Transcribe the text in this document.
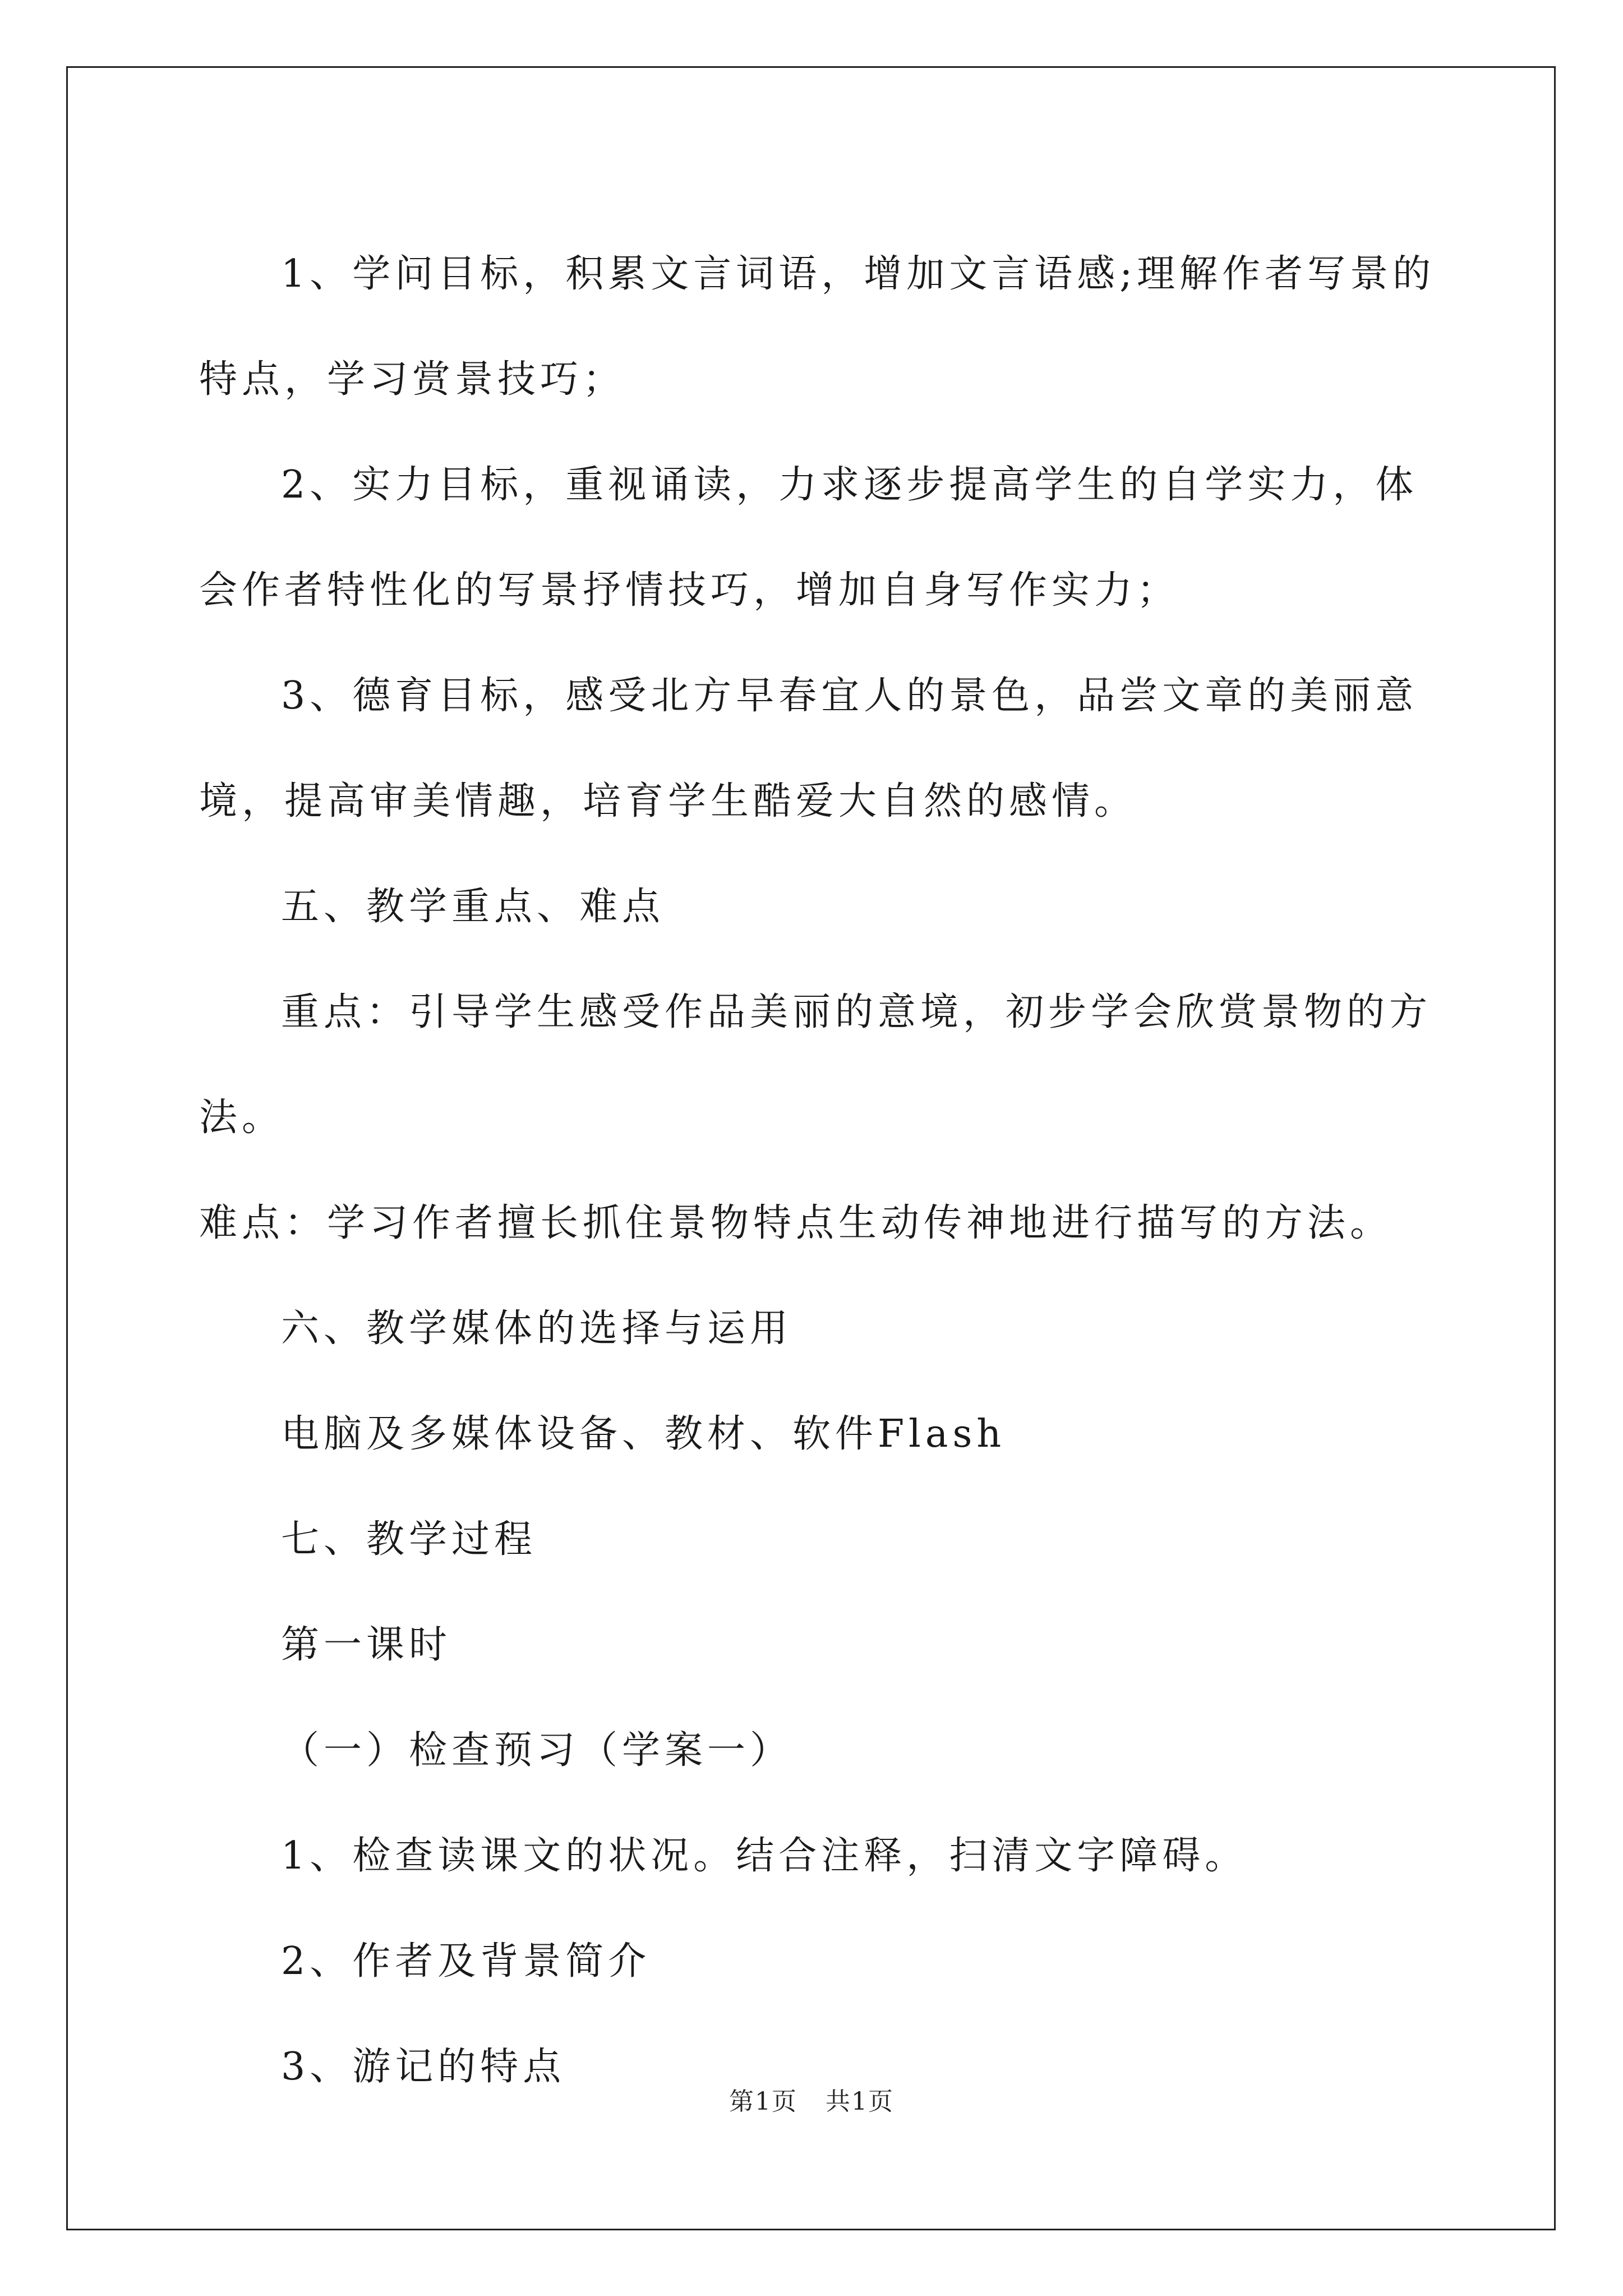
1、学问目标，积累文言词语，增加文言语感;理解作者写景的特点，学习赏景技巧；

2、实力目标，重视诵读，力求逐步提高学生的自学实力，体会作者特性化的写景抒情技巧，增加自身写作实力；

3、德育目标，感受北方早春宜人的景色，品尝文章的美丽意境，提高审美情趣，培育学生酷爱大自然的感情。

五、教学重点、难点

重点：引导学生感受作品美丽的意境，初步学会欣赏景物的方法。

难点：学习作者擅长抓住景物特点生动传神地进行描写的方法。

六、教学媒体的选择与运用

电脑及多媒体设备、教材、软件Flash

七、教学过程

第一课时

（一）检查预习（学案一）

1、检查读课文的状况。结合注释，扫清文字障碍。

2、作者及背景简介

3、游记的特点

第1页 共1页
